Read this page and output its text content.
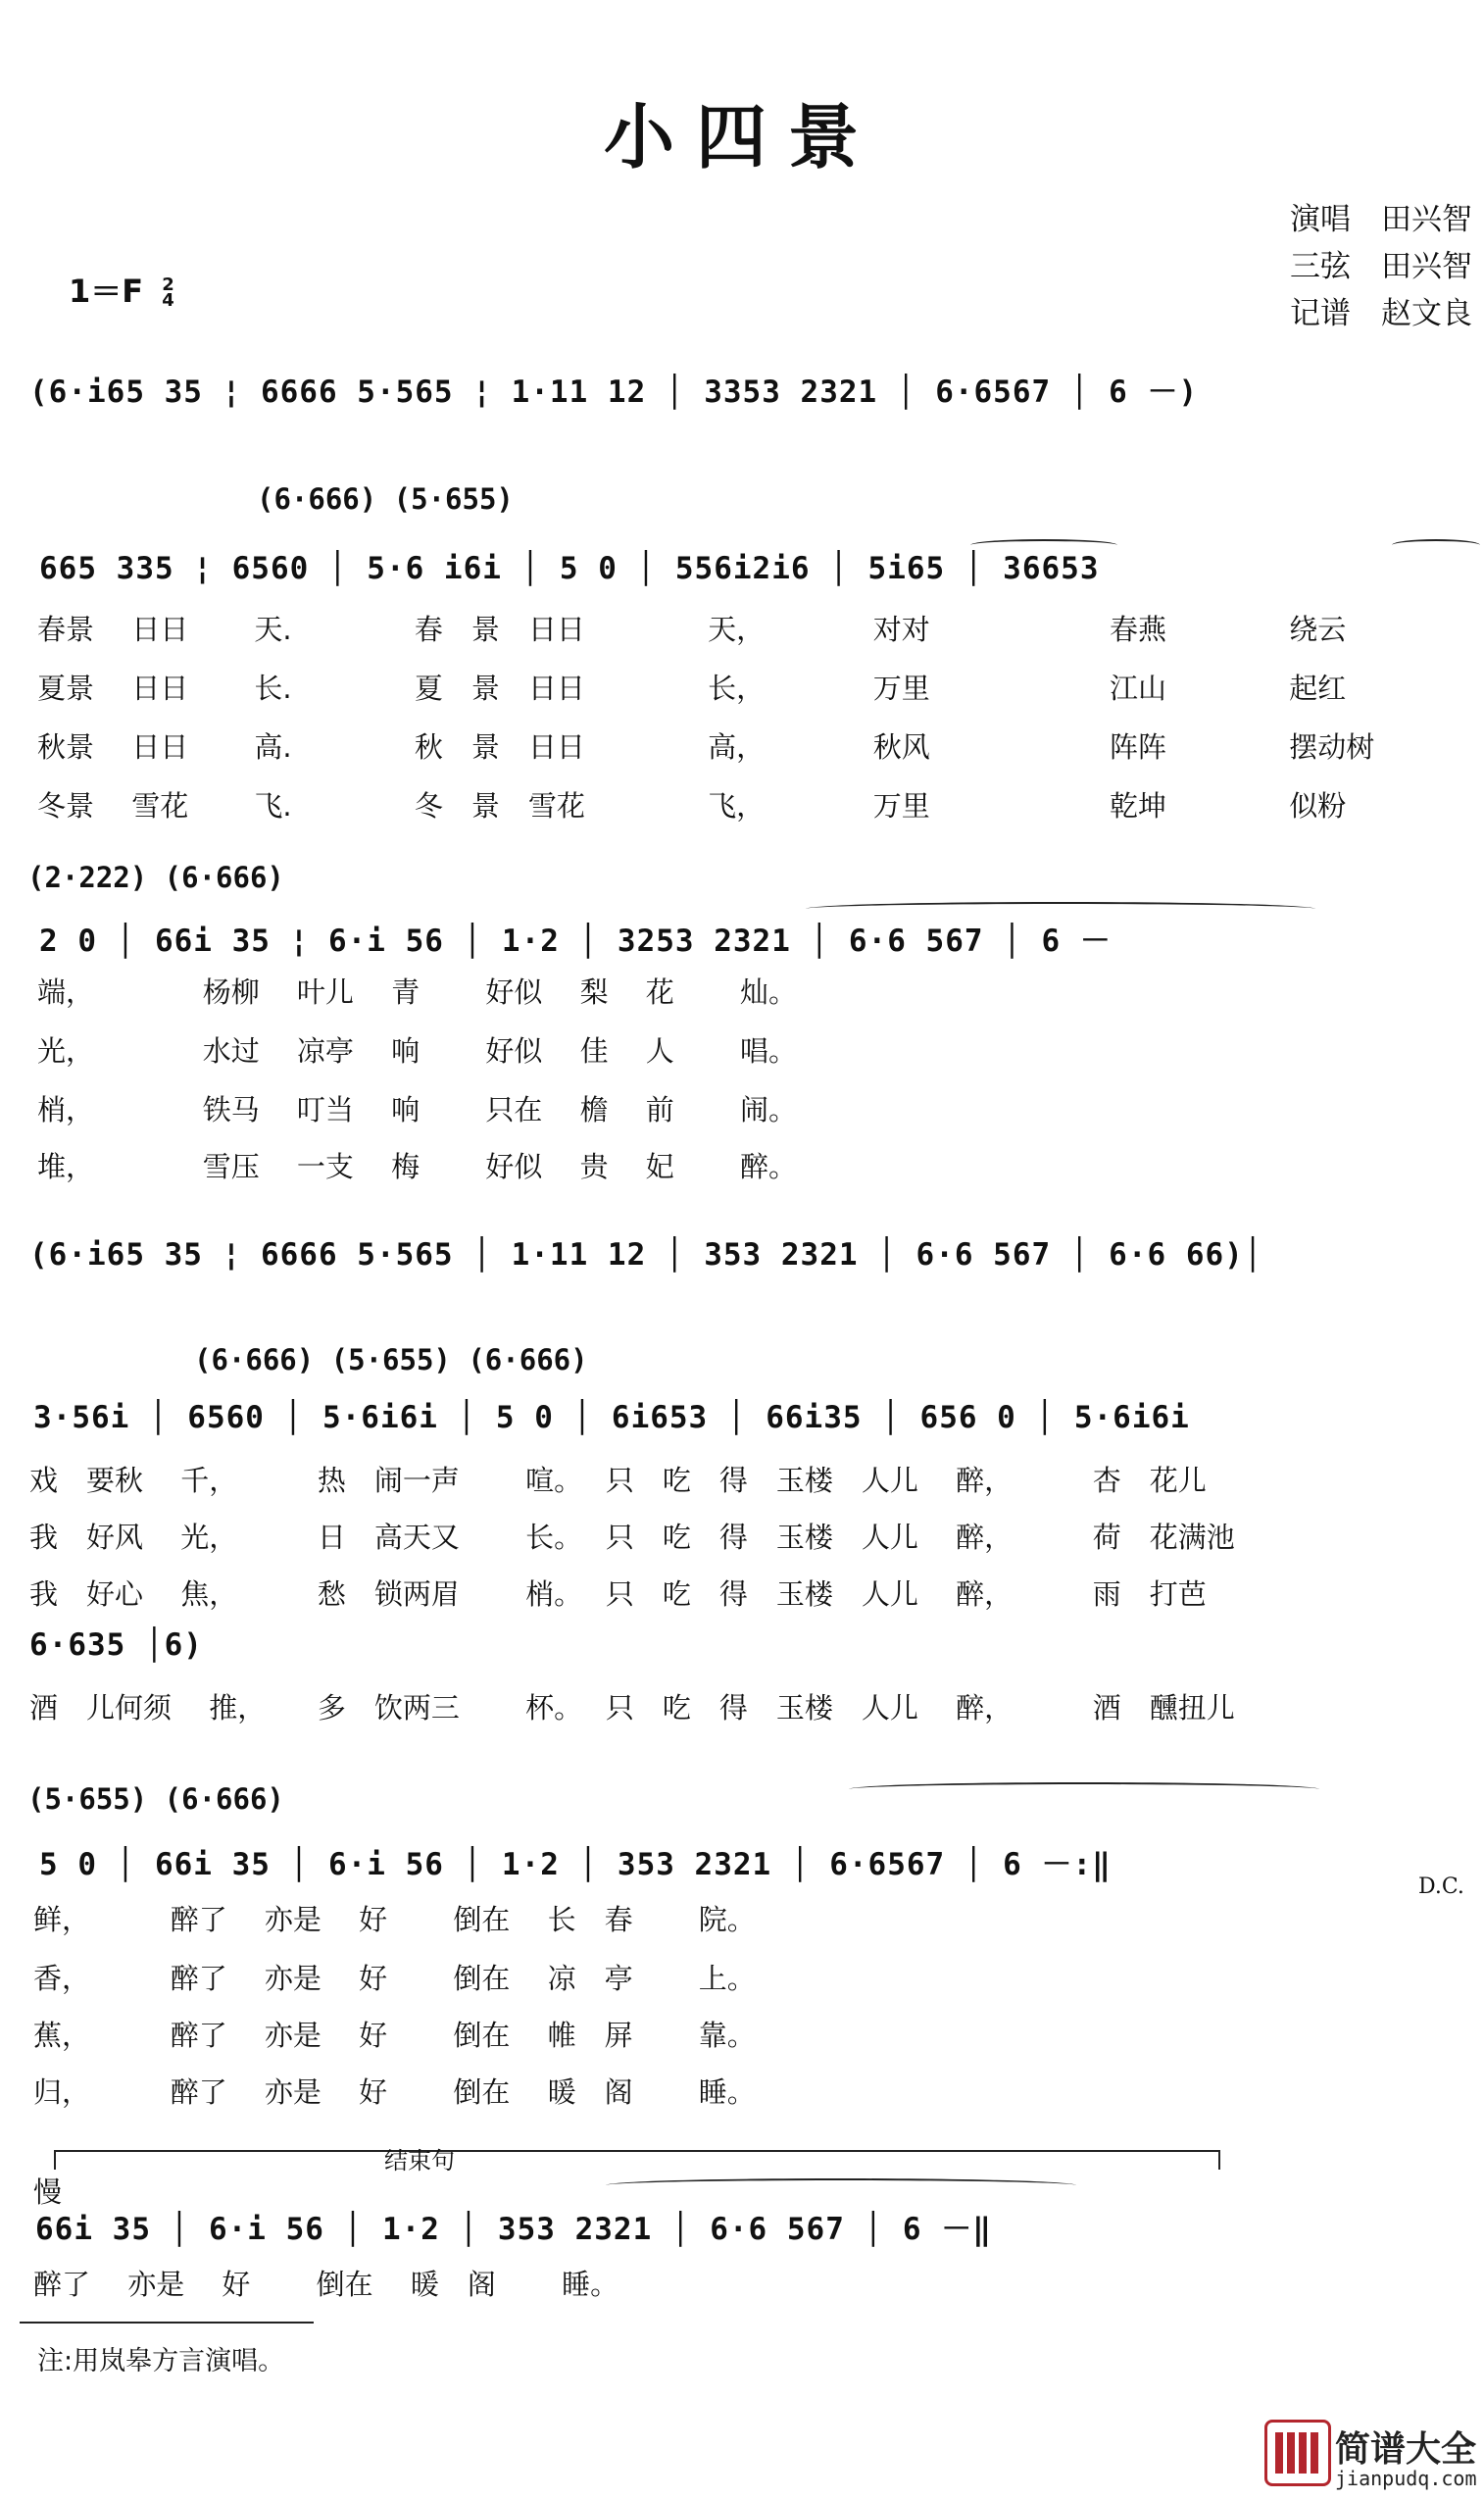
小四景
演唱　田兴智
三弦　田兴智
记谱　赵文良
1＝F 2
4
(6·i65 35 ¦ 6666 5·565 ¦ 1·11 12 │ 3353 2321 │ 6·6567 │ 6 －)
(6·666) (5·655)
665 335 ¦ 6560 │ 5·6 i6i │ 5 0 │ 556i2i6 │ 5i65 │ 36653
春景　 日日　　 天.　　　　 春　景　日日　　　　 天，　　　　 对对　　　　　　 春燕　　　　 绕云
夏景　 日日　　 长.　　　　 夏　景　日日　　　　 长，　　　　 万里　　　　　　 江山　　　　 起红
秋景　 日日　　 高.　　　　 秋　景　日日　　　　 高，　　　　 秋风　　　　　　 阵阵　　　　 摆动树
冬景　 雪花　　 飞.　　　　 冬　景　雪花　　　　 飞，　　　　 万里　　　　　　 乾坤　　　　 似粉
(2·222) (6·666)
2 0 │ 66i 35 ¦ 6·i 56 │ 1·2 │ 3253 2321 │ 6·6 567 │ 6 －
端，　　　　 杨柳　 叶儿　 青　　 好似　 梨　 花　　 灿。
光，　　　　 水过　 凉亭　 响　　 好似　 佳　 人　　 唱。
梢，　　　　 铁马　 叮当　 响　　 只在　 檐　 前　　 闹。
堆，　　　　 雪压　 一支　 梅　　 好似　 贵　 妃　　 醉。
(6·i65 35 ¦ 6666 5·565 │ 1·11 12 │ 353 2321 │ 6·6 567 │ 6·6 66)│
(6·666) (5·655) (6·666)
3·56i │ 6560 │ 5·6i6i │ 5 0 │ 6i653 │ 66i35 │ 656 0 │ 5·6i6i
戏　要秋　 千，　　　 热　闹一声　　 喧。　 只　吃　得　玉楼　人儿　 醉，　　　 杏　花儿
我　好风　 光，　　　 日　高天又　　 长。　 只　吃　得　玉楼　人儿　 醉，　　　 荷　花满池
我　好心　 焦，　　　 愁　锁两眉　　 梢。　 只　吃　得　玉楼　人儿　 醉，　　　 雨　打芭
6·635 │6)
酒　儿何须　 推，　　 多　饮两三　　 杯。　 只　吃　得　玉楼　人儿　 醉，　　　 酒　醺扭儿
(5·655) (6·666)
5 0 │ 66i 35 │ 6·i 56 │ 1·2 │ 353 2321 │ 6·6567 │ 6 －:‖
D.C.
鲜，　　　 醉了　 亦是　 好　　 倒在　 长　春　　 院。
香，　　　 醉了　 亦是　 好　　 倒在　 凉　亭　　 上。
蕉，　　　 醉了　 亦是　 好　　 倒在　 帷　屏　　 靠。
归，　　　 醉了　 亦是　 好　　 倒在　 暖　阁　　 睡。
结束句
慢
66i 35 │ 6·i 56 │ 1·2 │ 353 2321 │ 6·6 567 │ 6 －‖
醉了　 亦是　 好　　 倒在　 暖　阁　　 睡。
注:用岚皋方言演唱。
简谱大全
jianpudq.com
